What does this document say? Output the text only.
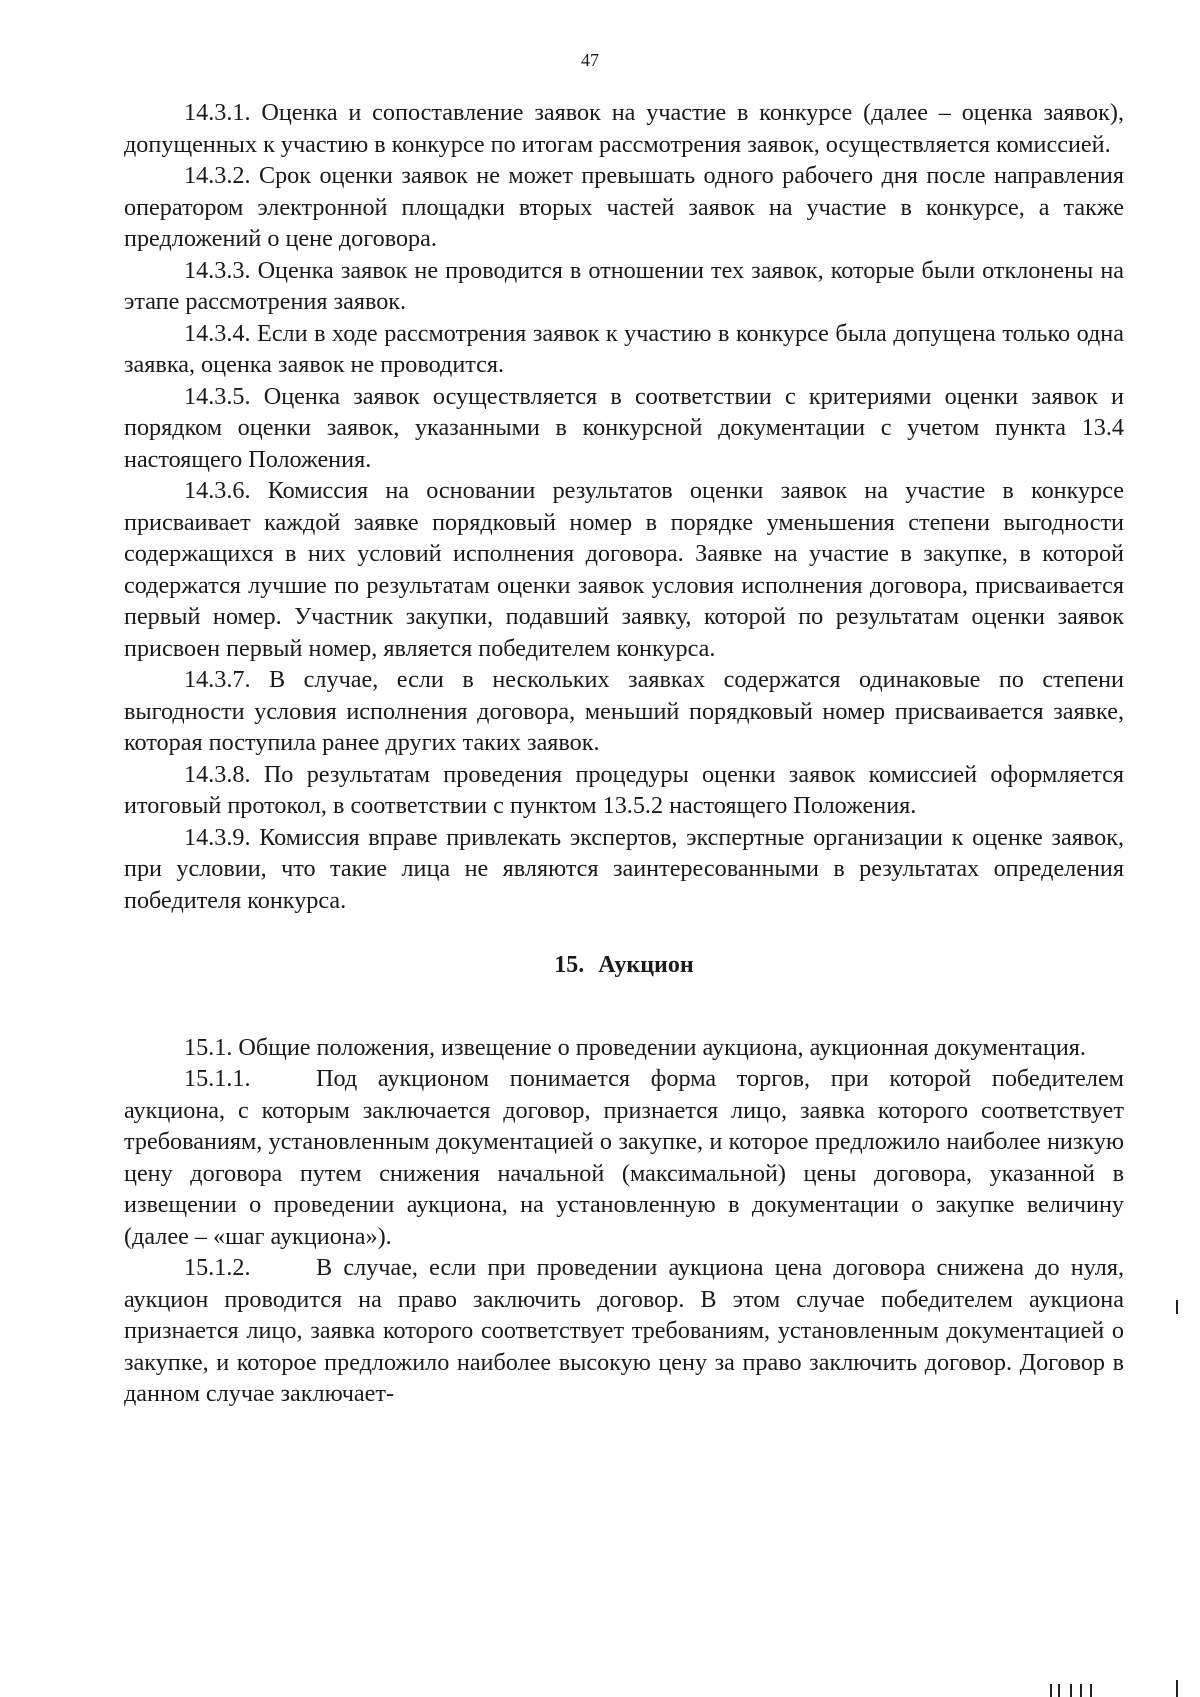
47

14.3.1. Оценка и сопоставление заявок на участие в конкурсе (далее – оценка заявок), допущенных к участию в конкурсе по итогам рассмотрения заявок, осуществляется комиссией.

14.3.2. Срок оценки заявок не может превышать одного рабочего дня после направления оператором электронной площадки вторых частей заявок на участие в конкурсе, а также предложений о цене договора.

14.3.3. Оценка заявок не проводится в отношении тех заявок, которые были отклонены на этапе рассмотрения заявок.

14.3.4. Если в ходе рассмотрения заявок к участию в конкурсе была допущена только одна заявка, оценка заявок не проводится.

14.3.5. Оценка заявок осуществляется в соответствии с критериями оценки заявок и порядком оценки заявок, указанными в конкурсной документации с учетом пункта 13.4 настоящего Положения.

14.3.6. Комиссия на основании результатов оценки заявок на участие в конкурсе присваивает каждой заявке порядковый номер в порядке уменьшения степени выгодности содержащихся в них условий исполнения договора. Заявке на участие в закупке, в которой содержатся лучшие по результатам оценки заявок условия исполнения договора, присваивается первый номер. Участник закупки, подавший заявку, которой по результатам оценки заявок присвоен первый номер, является победителем конкурса.

14.3.7. В случае, если в нескольких заявках содержатся одинаковые по степени выгодности условия исполнения договора, меньший порядковый номер присваивается заявке, которая поступила ранее других таких заявок.

14.3.8. По результатам проведения процедуры оценки заявок комиссией оформляется итоговый протокол, в соответствии с пунктом 13.5.2 настоящего Положения.

14.3.9. Комиссия вправе привлекать экспертов, экспертные организации к оценке заявок, при условии, что такие лица не являются заинтересованными в результатах определения победителя конкурса.

15. Аукцион

15.1. Общие положения, извещение о проведении аукциона, аукционная документация.

15.1.1.	Под аукционом понимается форма торгов, при которой победителем аукциона, с которым заключается договор, признается лицо, заявка которого соответствует требованиям, установленным документацией о закупке, и которое предложило наиболее низкую цену договора путем снижения начальной (максимальной) цены договора, указанной в извещении о проведении аукциона, на установленную в документации о закупке величину (далее – «шаг аукциона»).

15.1.2.	В случае, если при проведении аукциона цена договора снижена до нуля, аукцион проводится на право заключить договор. В этом случае победителем аукциона признается лицо, заявка которого соответствует требованиям, установленным документацией о закупке, и которое предложило наиболее высокую цену за право заключить договор. Договор в данном случае заключает-
